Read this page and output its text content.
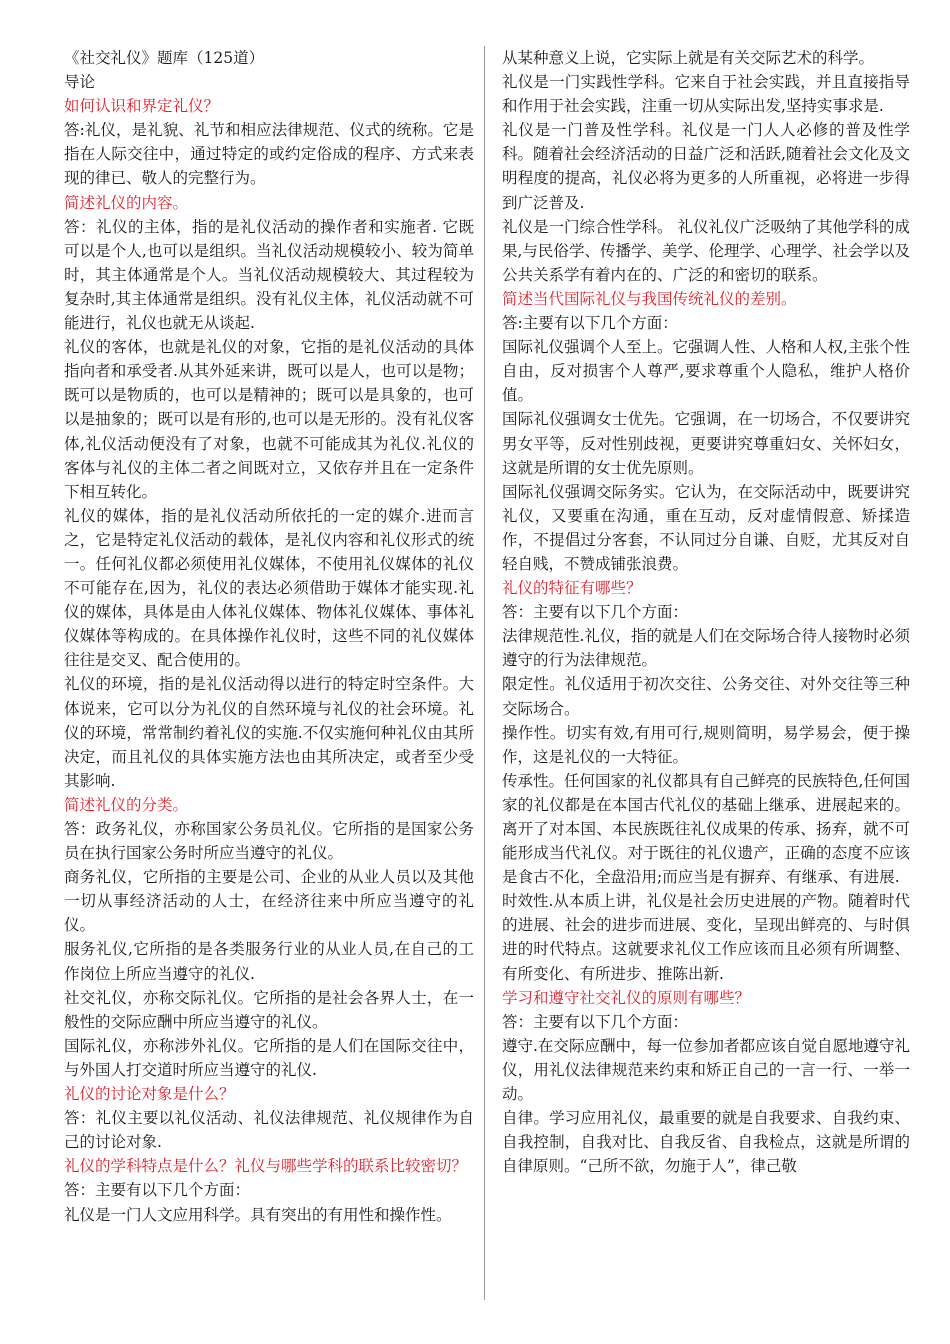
《社交礼仪》题库（125道）

导论

如何认识和界定礼仪？

答:礼仪，是礼貌、礼节和相应法律规范、仪式的统称。它是指在人际交往中，通过特定的或约定俗成的程序、方式来表现的律已、敬人的完整行为。

简述礼仪的内容。

答：礼仪的主体，指的是礼仪活动的操作者和实施者. 它既可以是个人,也可以是组织。当礼仪活动规模较小、较为简单时，其主体通常是个人。当礼仪活动规模较大、其过程较为复杂时,其主体通常是组织。没有礼仪主体，礼仪活动就不可能进行，礼仪也就无从谈起.

礼仪的客体，也就是礼仪的对象，它指的是礼仪活动的具体指向者和承受者.从其外延来讲，既可以是人，也可以是物；既可以是物质的，也可以是精神的；既可以是具象的，也可以是抽象的；既可以是有形的,也可以是无形的。没有礼仪客体,礼仪活动便没有了对象，也就不可能成其为礼仪.礼仪的客体与礼仪的主体二者之间既对立，又依存并且在一定条件下相互转化。

礼仪的媒体，指的是礼仪活动所依托的一定的媒介.进而言之，它是特定礼仪活动的载体，是礼仪内容和礼仪形式的统一。任何礼仪都必须使用礼仪媒体，不使用礼仪媒体的礼仪不可能存在,因为，礼仪的表达必须借助于媒体才能实现.礼仪的媒体，具体是由人体礼仪媒体、物体礼仪媒体、事体礼仪媒体等构成的。在具体操作礼仪时，这些不同的礼仪媒体往往是交叉、配合使用的。

礼仪的环境，指的是礼仪活动得以进行的特定时空条件。大体说来，它可以分为礼仪的自然环境与礼仪的社会环境。礼仪的环境，常常制约着礼仪的实施.不仅实施何种礼仪由其所决定，而且礼仪的具体实施方法也由其所决定，或者至少受其影响.

简述礼仪的分类。

答：政务礼仪，亦称国家公务员礼仪。它所指的是国家公务员在执行国家公务时所应当遵守的礼仪。

商务礼仪，它所指的主要是公司、企业的从业人员以及其他一切从事经济活动的人士，在经济往来中所应当遵守的礼仪。

服务礼仪,它所指的是各类服务行业的从业人员,在自己的工作岗位上所应当遵守的礼仪.

社交礼仪，亦称交际礼仪。它所指的是社会各界人士，在一般性的交际应酬中所应当遵守的礼仪。

国际礼仪，亦称涉外礼仪。它所指的是人们在国际交往中，与外国人打交道时所应当遵守的礼仪.

礼仪的讨论对象是什么？

答：礼仪主要以礼仪活动、礼仪法律规范、礼仪规律作为自己的讨论对象.

礼仪的学科特点是什么？礼仪与哪些学科的联系比较密切？

答：主要有以下几个方面：

礼仪是一门人文应用科学。具有突出的有用性和操作性。

从某种意义上说，它实际上就是有关交际艺术的科学。

礼仪是一门实践性学科。它来自于社会实践，并且直接指导和作用于社会实践，注重一切从实际出发,坚持实事求是.

礼仪是一门普及性学科。礼仪是一门人人必修的普及性学科。随着社会经济活动的日益广泛和活跃,随着社会文化及文明程度的提高，礼仪必将为更多的人所重视，必将进一步得到广泛普及.

礼仪是一门综合性学科。 礼仪礼仪广泛吸纳了其他学科的成果,与民俗学、传播学、美学、伦理学、心理学、社会学以及公共关系学有着内在的、广泛的和密切的联系。

简述当代国际礼仪与我国传统礼仪的差别。

答:主要有以下几个方面：

国际礼仪强调个人至上。它强调人性、人格和人权,主张个性自由，反对损害个人尊严,要求尊重个人隐私，维护人格价值。

国际礼仪强调女士优先。它强调，在一切场合，不仅要讲究男女平等，反对性别歧视，更要讲究尊重妇女、关怀妇女，这就是所谓的女士优先原则。

国际礼仪强调交际务实。它认为，在交际活动中，既要讲究礼仪，又要重在沟通，重在互动，反对虚情假意、矫揉造作，不提倡过分客套，不认同过分自谦、自贬，尤其反对自轻自贱，不赞成铺张浪费。

礼仪的特征有哪些？

答：主要有以下几个方面：

法律规范性.礼仪，指的就是人们在交际场合待人接物时必须遵守的行为法律规范。

限定性。礼仪适用于初次交往、公务交往、对外交往等三种交际场合。

操作性。切实有效,有用可行,规则简明，易学易会，便于操作，这是礼仪的一大特征。

传承性。任何国家的礼仪都具有自己鲜亮的民族特色,任何国家的礼仪都是在本国古代礼仪的基础上继承、进展起来的。离开了对本国、本民族既往礼仪成果的传承、扬弃，就不可能形成当代礼仪。对于既往的礼仪遗产，正确的态度不应该是食古不化，全盘沿用;而应当是有摒弃、有继承、有进展.

时效性.从本质上讲，礼仪是社会历史进展的产物。随着时代的进展、社会的进步而进展、变化，呈现出鲜亮的、与时俱进的时代特点。这就要求礼仪工作应该而且必须有所调整、有所变化、有所进步、推陈出新.

学习和遵守社交礼仪的原则有哪些？

答：主要有以下几个方面：

遵守.在交际应酬中，每一位参加者都应该自觉自愿地遵守礼仪，用礼仪法律规范来约束和矫正自己的一言一行、一举一动。

自律。学习应用礼仪，最重要的就是自我要求、自我约束、自我控制，自我对比、自我反省、自我检点，这就是所谓的自律原则。“己所不欲，勿施于人”，律己敬
